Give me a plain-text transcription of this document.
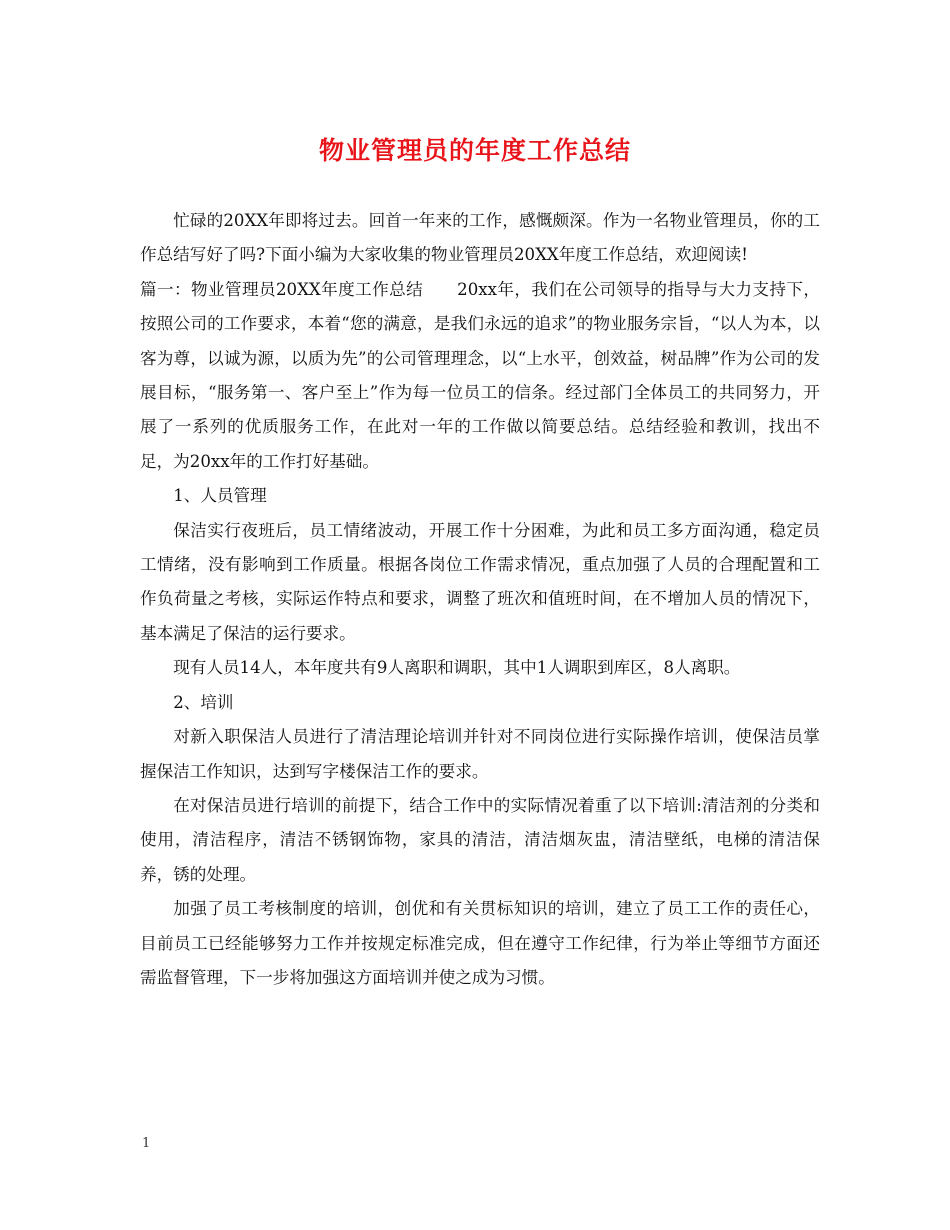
物业管理员的年度工作总结

忙碌的20XX年即将过去。回首一年来的工作，感慨颇深。作为一名物业管理员，你的工作总结写好了吗?下面小编为大家收集的物业管理员20XX年度工作总结，欢迎阅读!

篇一：物业管理员20XX年度工作总结　　20xx年，我们在公司领导的指导与大力支持下，按照公司的工作要求，本着“您的满意，是我们永远的追求”的物业服务宗旨，“以人为本，以客为尊，以诚为源，以质为先”的公司管理理念，以“上水平，创效益，树品牌”作为公司的发展目标，“服务第一、客户至上”作为每一位员工的信条。经过部门全体员工的共同努力，开展了一系列的优质服务工作，在此对一年的工作做以简要总结。总结经验和教训，找出不足，为20xx年的工作打好基础。

1、人员管理

保洁实行夜班后，员工情绪波动，开展工作十分困难，为此和员工多方面沟通，稳定员工情绪，没有影响到工作质量。根据各岗位工作需求情况，重点加强了人员的合理配置和工作负荷量之考核，实际运作特点和要求，调整了班次和值班时间，在不增加人员的情况下，基本满足了保洁的运行要求。

现有人员14人，本年度共有9人离职和调职，其中1人调职到库区，8人离职。

2、培训

对新入职保洁人员进行了清洁理论培训并针对不同岗位进行实际操作培训，使保洁员掌握保洁工作知识，达到写字楼保洁工作的要求。

在对保洁员进行培训的前提下，结合工作中的实际情况着重了以下培训:清洁剂的分类和使用，清洁程序，清洁不锈钢饰物，家具的清洁，清洁烟灰盅，清洁壁纸，电梯的清洁保养，锈的处理。

加强了员工考核制度的培训，创优和有关贯标知识的培训，建立了员工工作的责任心，目前员工已经能够努力工作并按规定标准完成，但在遵守工作纪律，行为举止等细节方面还需监督管理，下一步将加强这方面培训并使之成为习惯。

1
